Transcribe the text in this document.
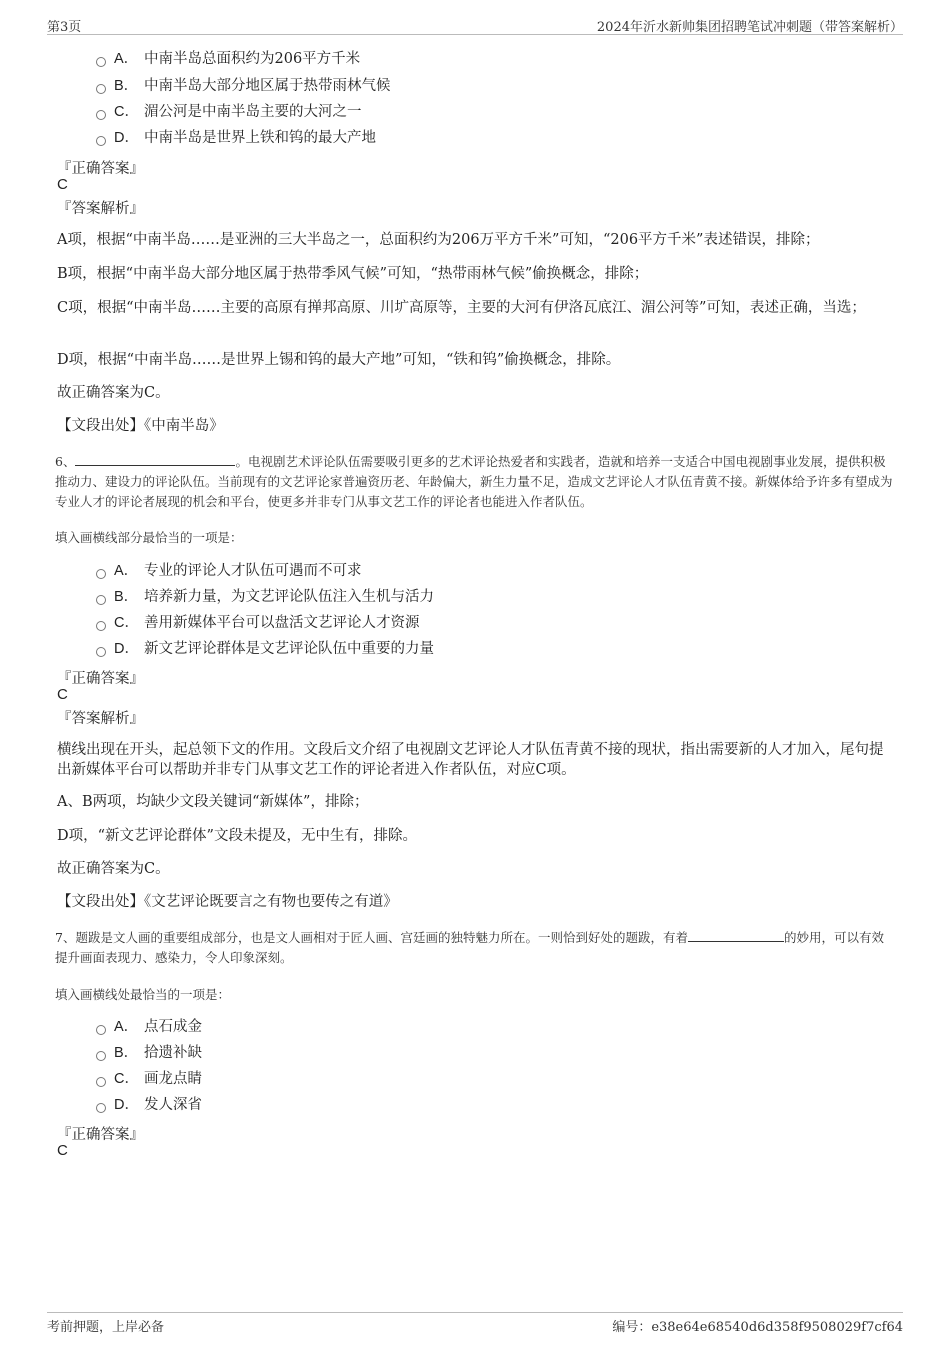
第3页	2024年沂水新帅集团招聘笔试冲刺题（带答案解析）
A． 中南半岛总面积约为206平方千米
B． 中南半岛大部分地区属于热带雨林气候
C． 湄公河是中南半岛主要的大河之一
D． 中南半岛是世界上铁和钨的最大产地
『正确答案』
C
『答案解析』
A项，根据“中南半岛……是亚洲的三大半岛之一，总面积约为206万平方千米”可知，“206平方千米”表述错误，排除；
B项，根据“中南半岛大部分地区属于热带季风气候”可知，“热带雨林气候”偷换概念，排除；
C项，根据“中南半岛……主要的高原有掸邦高原、川圹高原等，主要的大河有伊洛瓦底江、湄公河等”可知，表述正确，当选；
D项，根据“中南半岛……是世界上锡和钨的最大产地”可知，“铁和钨”偷换概念，排除。
故正确答案为C。
【文段出处】《中南半岛》
6、	。电视剧艺术评论队伍需要吸引更多的艺术评论热爱者和实践者，造就和培养一支适合中国电视剧事业发展，提供积极推动力、建设力的评论队伍。当前现有的文艺评论家普遍资历老、年龄偏大，新生力量不足，造成文艺评论人才队伍青黄不接。新媒体给予许多有望成为专业人才的评论者展现的机会和平台，使更多并非专门从事文艺工作的评论者也能进入作者队伍。
填入画横线部分最恰当的一项是：
A． 专业的评论人才队伍可遇而不可求
B． 培养新力量，为文艺评论队伍注入生机与活力
C． 善用新媒体平台可以盘活文艺评论人才资源
D． 新文艺评论群体是文艺评论队伍中重要的力量
『正确答案』
C
『答案解析』
横线出现在开头，起总领下文的作用。文段后文介绍了电视剧文艺评论人才队伍青黄不接的现状，指出需要新的人才加入，尾句提出新媒体平台可以帮助并非专门从事文艺工作的评论者进入作者队伍，对应C项。
A、B两项，均缺少文段关键词“新媒体”，排除；
D项，“新文艺评论群体”文段未提及，无中生有，排除。
故正确答案为C。
【文段出处】《文艺评论既要言之有物也要传之有道》
7、题跋是文人画的重要组成部分，也是文人画相对于匠人画、宫廷画的独特魅力所在。一则恰到好处的题跋，有着	的妙用，可以有效提升画面表现力、感染力，令人印象深刻。
填入画横线处最恰当的一项是：
A． 点石成金
B． 拾遗补缺
C． 画龙点睛
D． 发人深省
『正确答案』
C
考前押题，上岸必备	编号：e38e64e68540d6d358f9508029f7cf64
